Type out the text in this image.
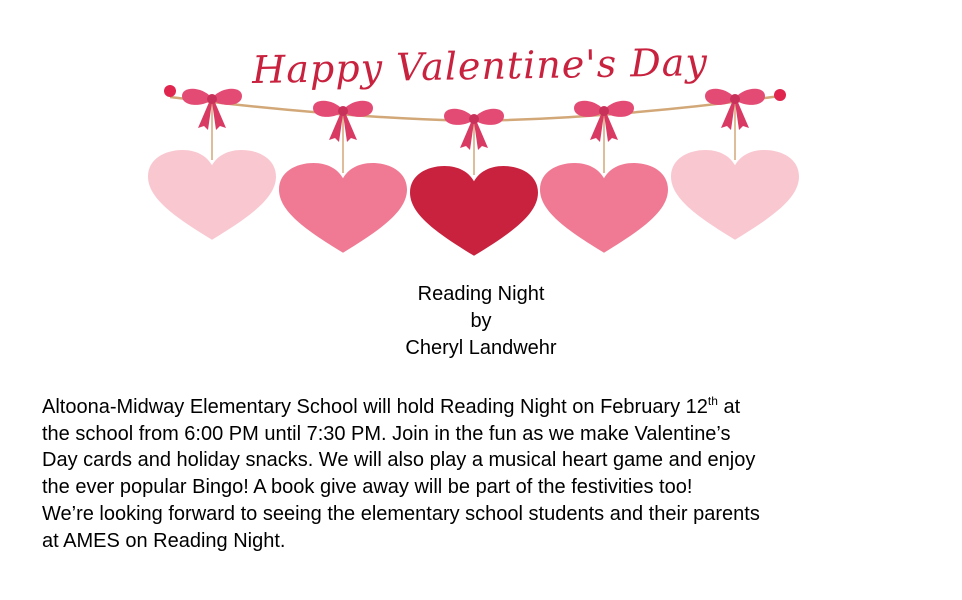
Happy Valentine's Day
Reading Night
by
Cheryl Landwehr
Altoona-Midway Elementary School will hold Reading Night on February 12th at
the school from 6:00 PM until 7:30 PM. Join in the fun as we make Valentine’s
Day cards and holiday snacks. We will also play a musical heart game and enjoy
the ever popular Bingo! A book give away will be part of the festivities too!
We’re looking forward to seeing the elementary school students and their parents
at AMES on Reading Night.
